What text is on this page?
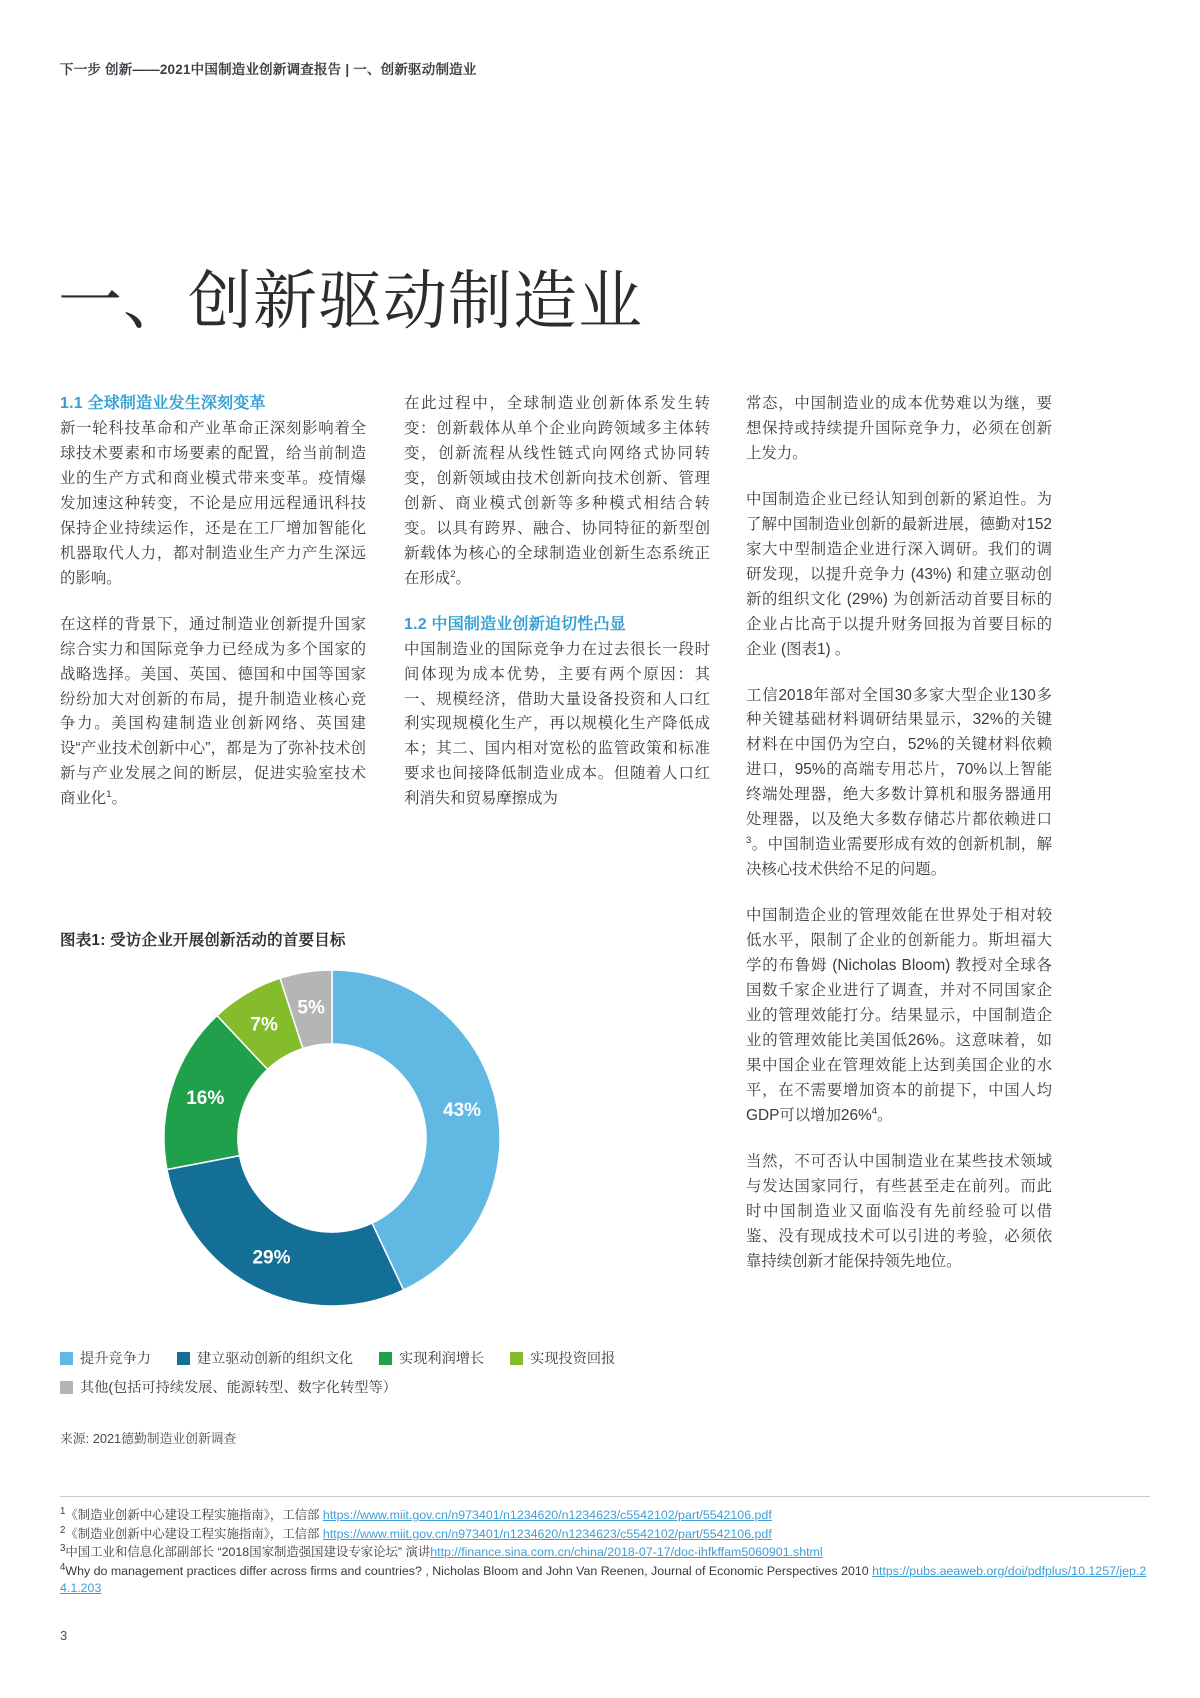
下一步 创新——2021中国制造业创新调查报告 | 一、创新驱动制造业
一、创新驱动制造业
1.1 全球制造业发生深刻变革

新一轮科技革命和产业革命正深刻影响着全球技术要素和市场要素的配置，给当前制造业的生产方式和商业模式带来变革。疫情爆发加速这种转变，不论是应用远程通讯科技保持企业持续运作，还是在工厂增加智能化机器取代人力，都对制造业生产力产生深远的影响。

在这样的背景下，通过制造业创新提升国家综合实力和国际竞争力已经成为多个国家的战略选择。美国、英国、德国和中国等国家纷纷加大对创新的布局，提升制造业核心竞争力。美国构建制造业创新网络、英国建设“产业技术创新中心”，都是为了弥补技术创新与产业发展之间的断层，促进实验室技术商业化$^1$。

在此过程中，全球制造业创新体系发生转变：创新载体从单个企业向跨领域多主体转变，创新流程从线性链式向网络式协同转变，创新领域由技术创新向技术创新、管理创新、商业模式创新等多种模式相结合转变。以具有跨界、融合、协同特征的新型创新载体为核心的全球制造业创新生态系统正在形成$^2$。

1.2 中国制造业创新迫切性凸显

中国制造业的国际竞争力在过去很长一段时间体现为成本优势，主要有两个原因：其一、规模经济，借助大量设备投资和人口红利实现规模化生产，再以规模化生产降低成本；其二、国内相对宽松的监管政策和标准要求也间接降低制造业成本。但随着人口红利消失和贸易摩擦成为

常态，中国制造业的成本优势难以为继，要想保持或持续提升国际竞争力，必须在创新上发力。

中国制造企业已经认知到创新的紧迫性。为了解中国制造业创新的最新进展，德勤对152家大中型制造企业进行深入调研。我们的调研发现，以提升竞争力 (43%) 和建立驱动创新的组织文化 (29%) 为创新活动首要目标的企业占比高于以提升财务回报为首要目标的企业 (图表1) 。

工信2018年部对全国30多家大型企业130多种关键基础材料调研结果显示，32%的关键材料在中国仍为空白，52%的关键材料依赖进口，95%的高端专用芯片，70%以上智能终端处理器，绝大多数计算机和服务器通用处理器，以及绝大多数存储芯片都依赖进口$^3$。中国制造业需要形成有效的创新机制，解决核心技术供给不足的问题。

中国制造企业的管理效能在世界处于相对较低水平，限制了企业的创新能力。斯坦福大学的布鲁姆 (Nicholas Bloom) 教授对全球各国数千家企业进行了调查，并对不同国家企业的管理效能打分。结果显示，中国制造企业的管理效能比美国低26%。这意味着，如果中国企业在管理效能上达到美国企业的水平，在不需要增加资本的前提下，中国人均GDP可以增加26%$^4$。

当然，不可否认中国制造业在某些技术领域与发达国家同行，有些甚至走在前列。而此时中国制造业又面临没有先前经验可以借鉴、没有现成技术可以引进的考验，必须依靠持续创新才能保持领先地位。

图表1: 受访企业开展创新活动的首要目标
43%
29%
16%
7%
5%
提升竞争力	建立驱动创新的组织文化	实现利润增长	实现投资回报
其他(包括可持续发展、能源转型、数字化转型等）
来源: 2021德勤制造业创新调查
$^1$《制造业创新中心建设工程实施指南》，工信部 https://www.miit.gov.cn/n973401/n1234620/n1234623/c5542102/part/5542106.pdf
$^2$《制造业创新中心建设工程实施指南》，工信部 https://www.miit.gov.cn/n973401/n1234620/n1234623/c5542102/part/5542106.pdf
$^3$中国工业和信息化部副部长 “2018国家制造强国建设专家论坛” 演讲http://finance.sina.com.cn/china/2018-07-17/doc-ihfkffam5060901.shtml
$^4$Why do management practices differ across firms and countries? , Nicholas Bloom and John Van Reenen, Journal of Economic Perspectives 2010 https://pubs.aeaweb.org/doi/pdfplus/10.1257/jep.24.1.203
3
